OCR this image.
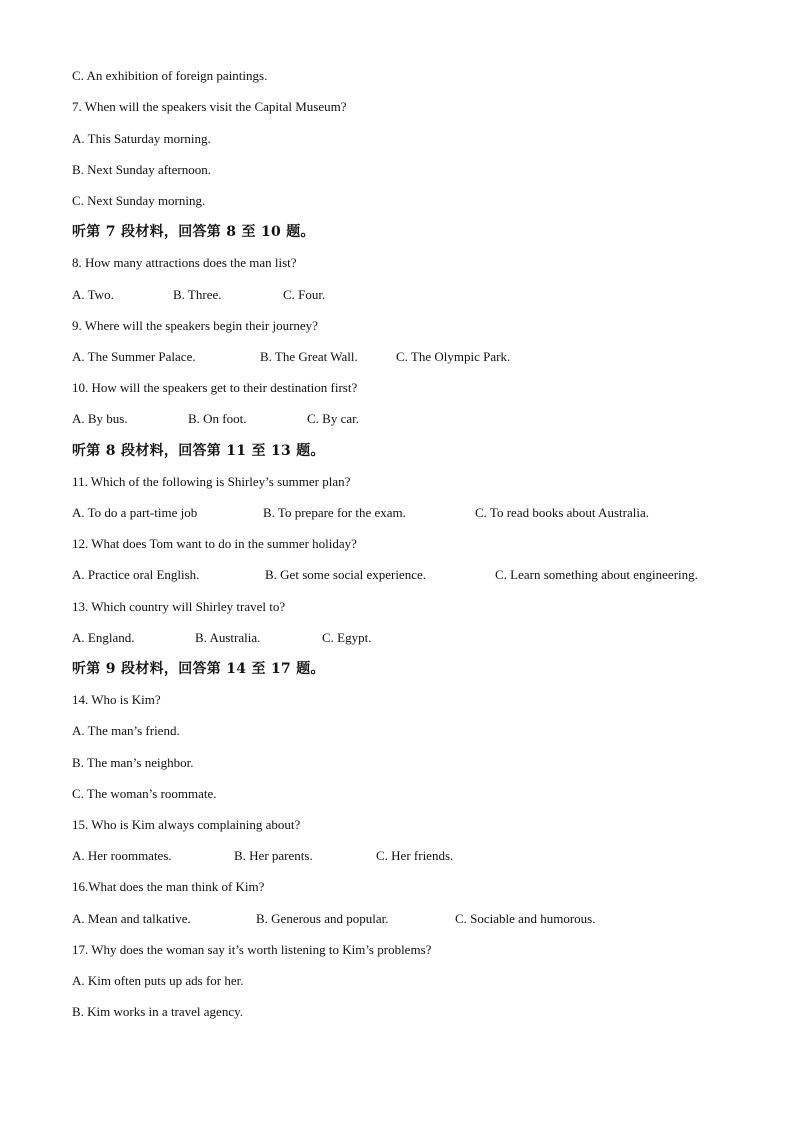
C. An exhibition of foreign paintings.
7. When will the speakers visit the Capital Museum?
A. This Saturday morning.
B. Next Sunday afternoon.
C. Next Sunday morning.
听第 7 段材料，回答第 8 至 10 题。
8. How many attractions does the man list?
A. Two.	B. Three.	C. Four.
9. Where will the speakers begin their journey?
A. The Summer Palace.	B. The Great Wall.	C. The Olympic Park.
10. How will the speakers get to their destination first?
A. By bus.	B. On foot.	C. By car.
听第 8 段材料，回答第 11 至 13 题。
11. Which of the following is Shirley’s summer plan?
A. To do a part-time job	B. To prepare for the exam.	C. To read books about Australia.
12. What does Tom want to do in the summer holiday?
A. Practice oral English.	B. Get some social experience.	C. Learn something about engineering.
13. Which country will Shirley travel to?
A. England.	B. Australia.	C. Egypt.
听第 9 段材料，回答第 14 至 17 题。
14. Who is Kim?
A. The man’s friend.
B. The man’s neighbor.
C. The woman’s roommate.
15. Who is Kim always complaining about?
A. Her roommates.	B. Her parents.	C. Her friends.
16.What does the man think of Kim?
A. Mean and talkative.	B. Generous and popular.	C. Sociable and humorous.
17. Why does the woman say it’s worth listening to Kim’s problems?
A. Kim often puts up ads for her.
B. Kim works in a travel agency.
